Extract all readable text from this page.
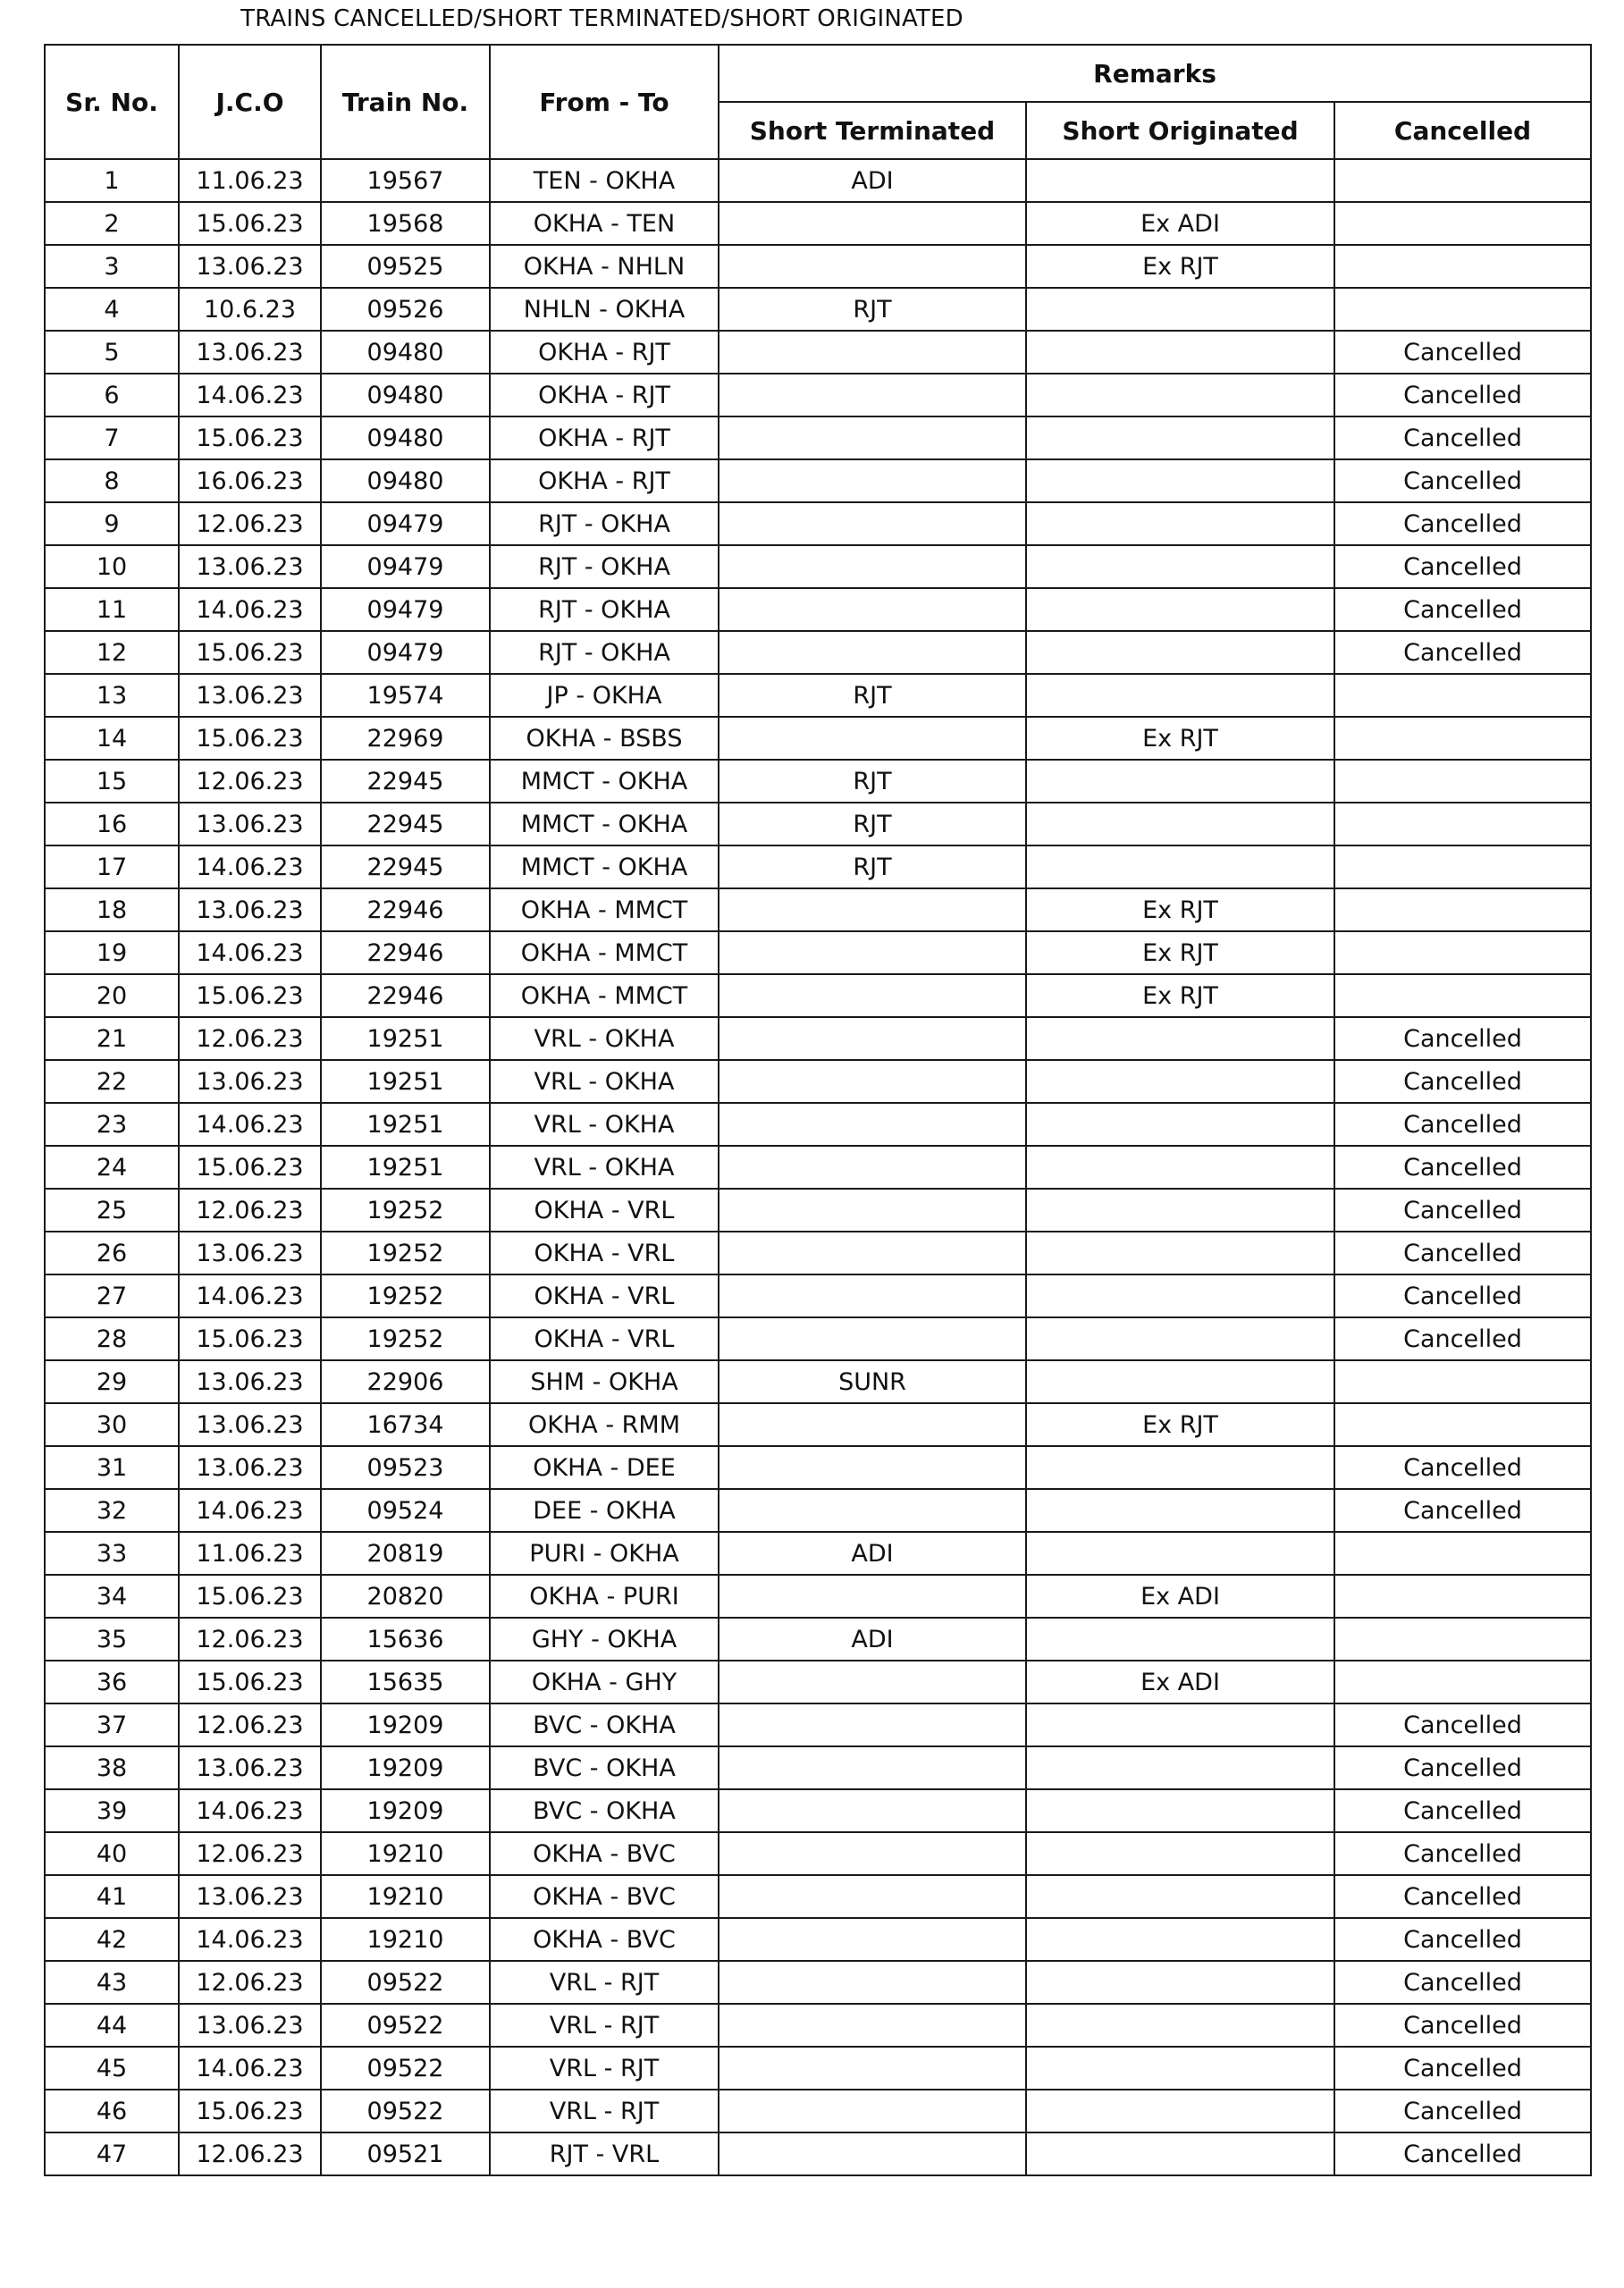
TRAINS CANCELLED/SHORT TERMINATED/SHORT ORIGINATED
Sr. No.	J.C.O	Train No.	From - To	Remarks		
				Short Terminated	Short Originated	Cancelled
1	11.06.23	19567	TEN - OKHA	ADI		
2	15.06.23	19568	OKHA - TEN		Ex ADI	
3	13.06.23	09525	OKHA - NHLN		Ex RJT	
4	10.6.23	09526	NHLN - OKHA	RJT		
5	13.06.23	09480	OKHA - RJT			Cancelled
6	14.06.23	09480	OKHA - RJT			Cancelled
7	15.06.23	09480	OKHA - RJT			Cancelled
8	16.06.23	09480	OKHA - RJT			Cancelled
9	12.06.23	09479	RJT - OKHA			Cancelled
10	13.06.23	09479	RJT - OKHA			Cancelled
11	14.06.23	09479	RJT - OKHA			Cancelled
12	15.06.23	09479	RJT - OKHA			Cancelled
13	13.06.23	19574	JP - OKHA	RJT		
14	15.06.23	22969	OKHA - BSBS		Ex RJT	
15	12.06.23	22945	MMCT - OKHA	RJT		
16	13.06.23	22945	MMCT - OKHA	RJT		
17	14.06.23	22945	MMCT - OKHA	RJT		
18	13.06.23	22946	OKHA - MMCT		Ex RJT	
19	14.06.23	22946	OKHA - MMCT		Ex RJT	
20	15.06.23	22946	OKHA - MMCT		Ex RJT	
21	12.06.23	19251	VRL - OKHA			Cancelled
22	13.06.23	19251	VRL - OKHA			Cancelled
23	14.06.23	19251	VRL - OKHA			Cancelled
24	15.06.23	19251	VRL - OKHA			Cancelled
25	12.06.23	19252	OKHA - VRL			Cancelled
26	13.06.23	19252	OKHA - VRL			Cancelled
27	14.06.23	19252	OKHA - VRL			Cancelled
28	15.06.23	19252	OKHA - VRL			Cancelled
29	13.06.23	22906	SHM - OKHA	SUNR		
30	13.06.23	16734	OKHA - RMM		Ex RJT	
31	13.06.23	09523	OKHA - DEE			Cancelled
32	14.06.23	09524	DEE - OKHA			Cancelled
33	11.06.23	20819	PURI - OKHA	ADI		
34	15.06.23	20820	OKHA - PURI		Ex ADI	
35	12.06.23	15636	GHY - OKHA	ADI		
36	15.06.23	15635	OKHA - GHY		Ex ADI	
37	12.06.23	19209	BVC - OKHA			Cancelled
38	13.06.23	19209	BVC - OKHA			Cancelled
39	14.06.23	19209	BVC - OKHA			Cancelled
40	12.06.23	19210	OKHA - BVC			Cancelled
41	13.06.23	19210	OKHA - BVC			Cancelled
42	14.06.23	19210	OKHA - BVC			Cancelled
43	12.06.23	09522	VRL - RJT			Cancelled
44	13.06.23	09522	VRL - RJT			Cancelled
45	14.06.23	09522	VRL - RJT			Cancelled
46	15.06.23	09522	VRL - RJT			Cancelled
47	12.06.23	09521	RJT - VRL			Cancelled
